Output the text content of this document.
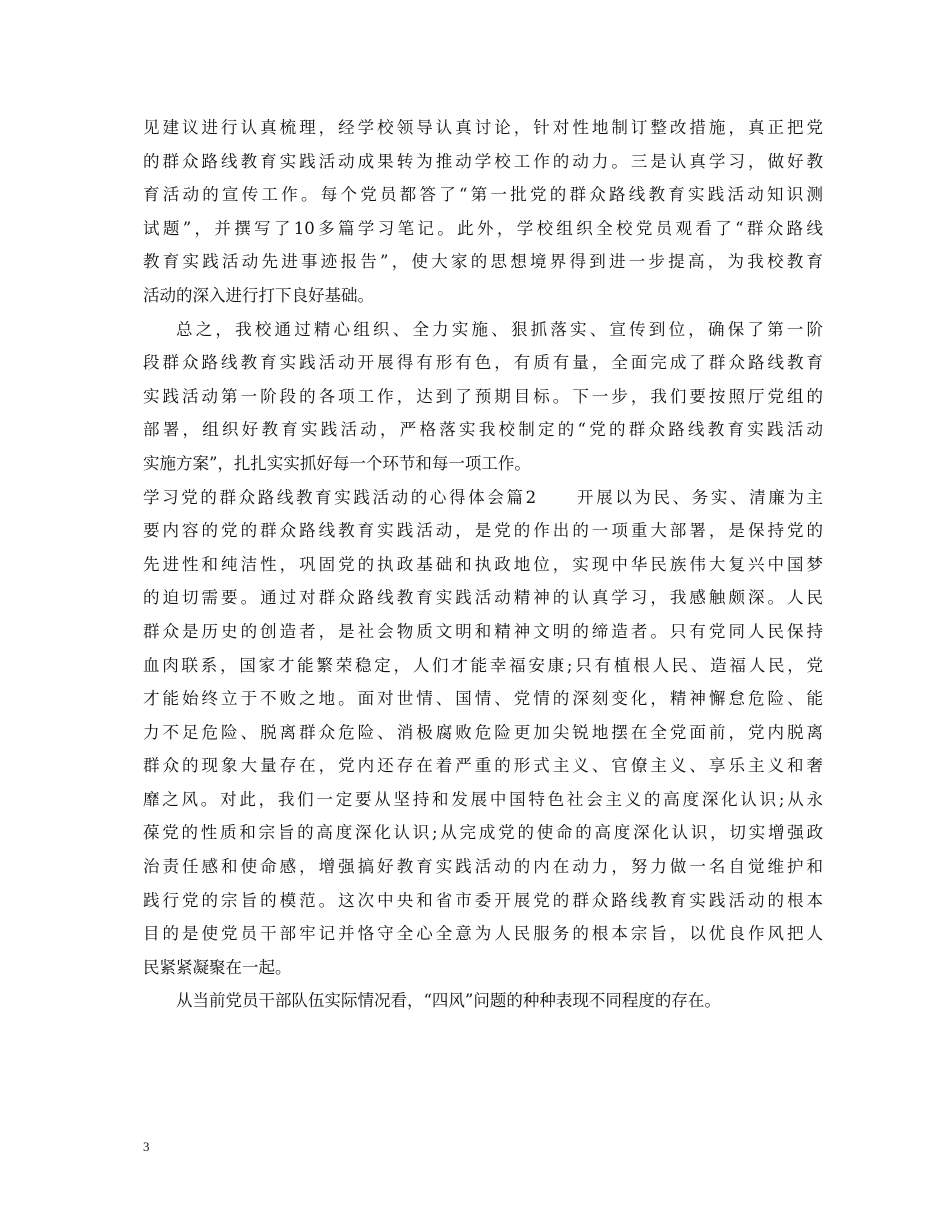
见建议进行认真梳理，经学校领导认真讨论，针对性地制订整改措施，真正把党
的群众路线教育实践活动成果转为推动学校工作的动力。三是认真学习，做好教
育活动的宣传工作。每个党员都答了“第一批党的群众路线教育实践活动知识测
试题”，并撰写了10多篇学习笔记。此外，学校组织全校党员观看了“群众路线
教育实践活动先进事迹报告”，使大家的思想境界得到进一步提高，为我校教育
活动的深入进行打下良好基础。
总之，我校通过精心组织、全力实施、狠抓落实、宣传到位，确保了第一阶
段群众路线教育实践活动开展得有形有色，有质有量，全面完成了群众路线教育
实践活动第一阶段的各项工作，达到了预期目标。下一步，我们要按照厅党组的
部署，组织好教育实践活动，严格落实我校制定的“党的群众路线教育实践活动
实施方案”，扎扎实实抓好每一个环节和每一项工作。
学习党的群众路线教育实践活动的心得体会篇2　　开展以为民、务实、清廉为主
要内容的党的群众路线教育实践活动，是党的作出的一项重大部署，是保持党的
先进性和纯洁性，巩固党的执政基础和执政地位，实现中华民族伟大复兴中国梦
的迫切需要。通过对群众路线教育实践活动精神的认真学习，我感触颇深。人民
群众是历史的创造者，是社会物质文明和精神文明的缔造者。只有党同人民保持
血肉联系，国家才能繁荣稳定，人们才能幸福安康;只有植根人民、造福人民，党
才能始终立于不败之地。面对世情、国情、党情的深刻变化，精神懈怠危险、能
力不足危险、脱离群众危险、消极腐败危险更加尖锐地摆在全党面前，党内脱离
群众的现象大量存在，党内还存在着严重的形式主义、官僚主义、享乐主义和奢
靡之风。对此，我们一定要从坚持和发展中国特色社会主义的高度深化认识;从永
葆党的性质和宗旨的高度深化认识;从完成党的使命的高度深化认识，切实增强政
治责任感和使命感，增强搞好教育实践活动的内在动力，努力做一名自觉维护和
践行党的宗旨的模范。这次中央和省市委开展党的群众路线教育实践活动的根本
目的是使党员干部牢记并恪守全心全意为人民服务的根本宗旨，以优良作风把人
民紧紧凝聚在一起。
从当前党员干部队伍实际情况看，“四风”问题的种种表现不同程度的存在。
3
